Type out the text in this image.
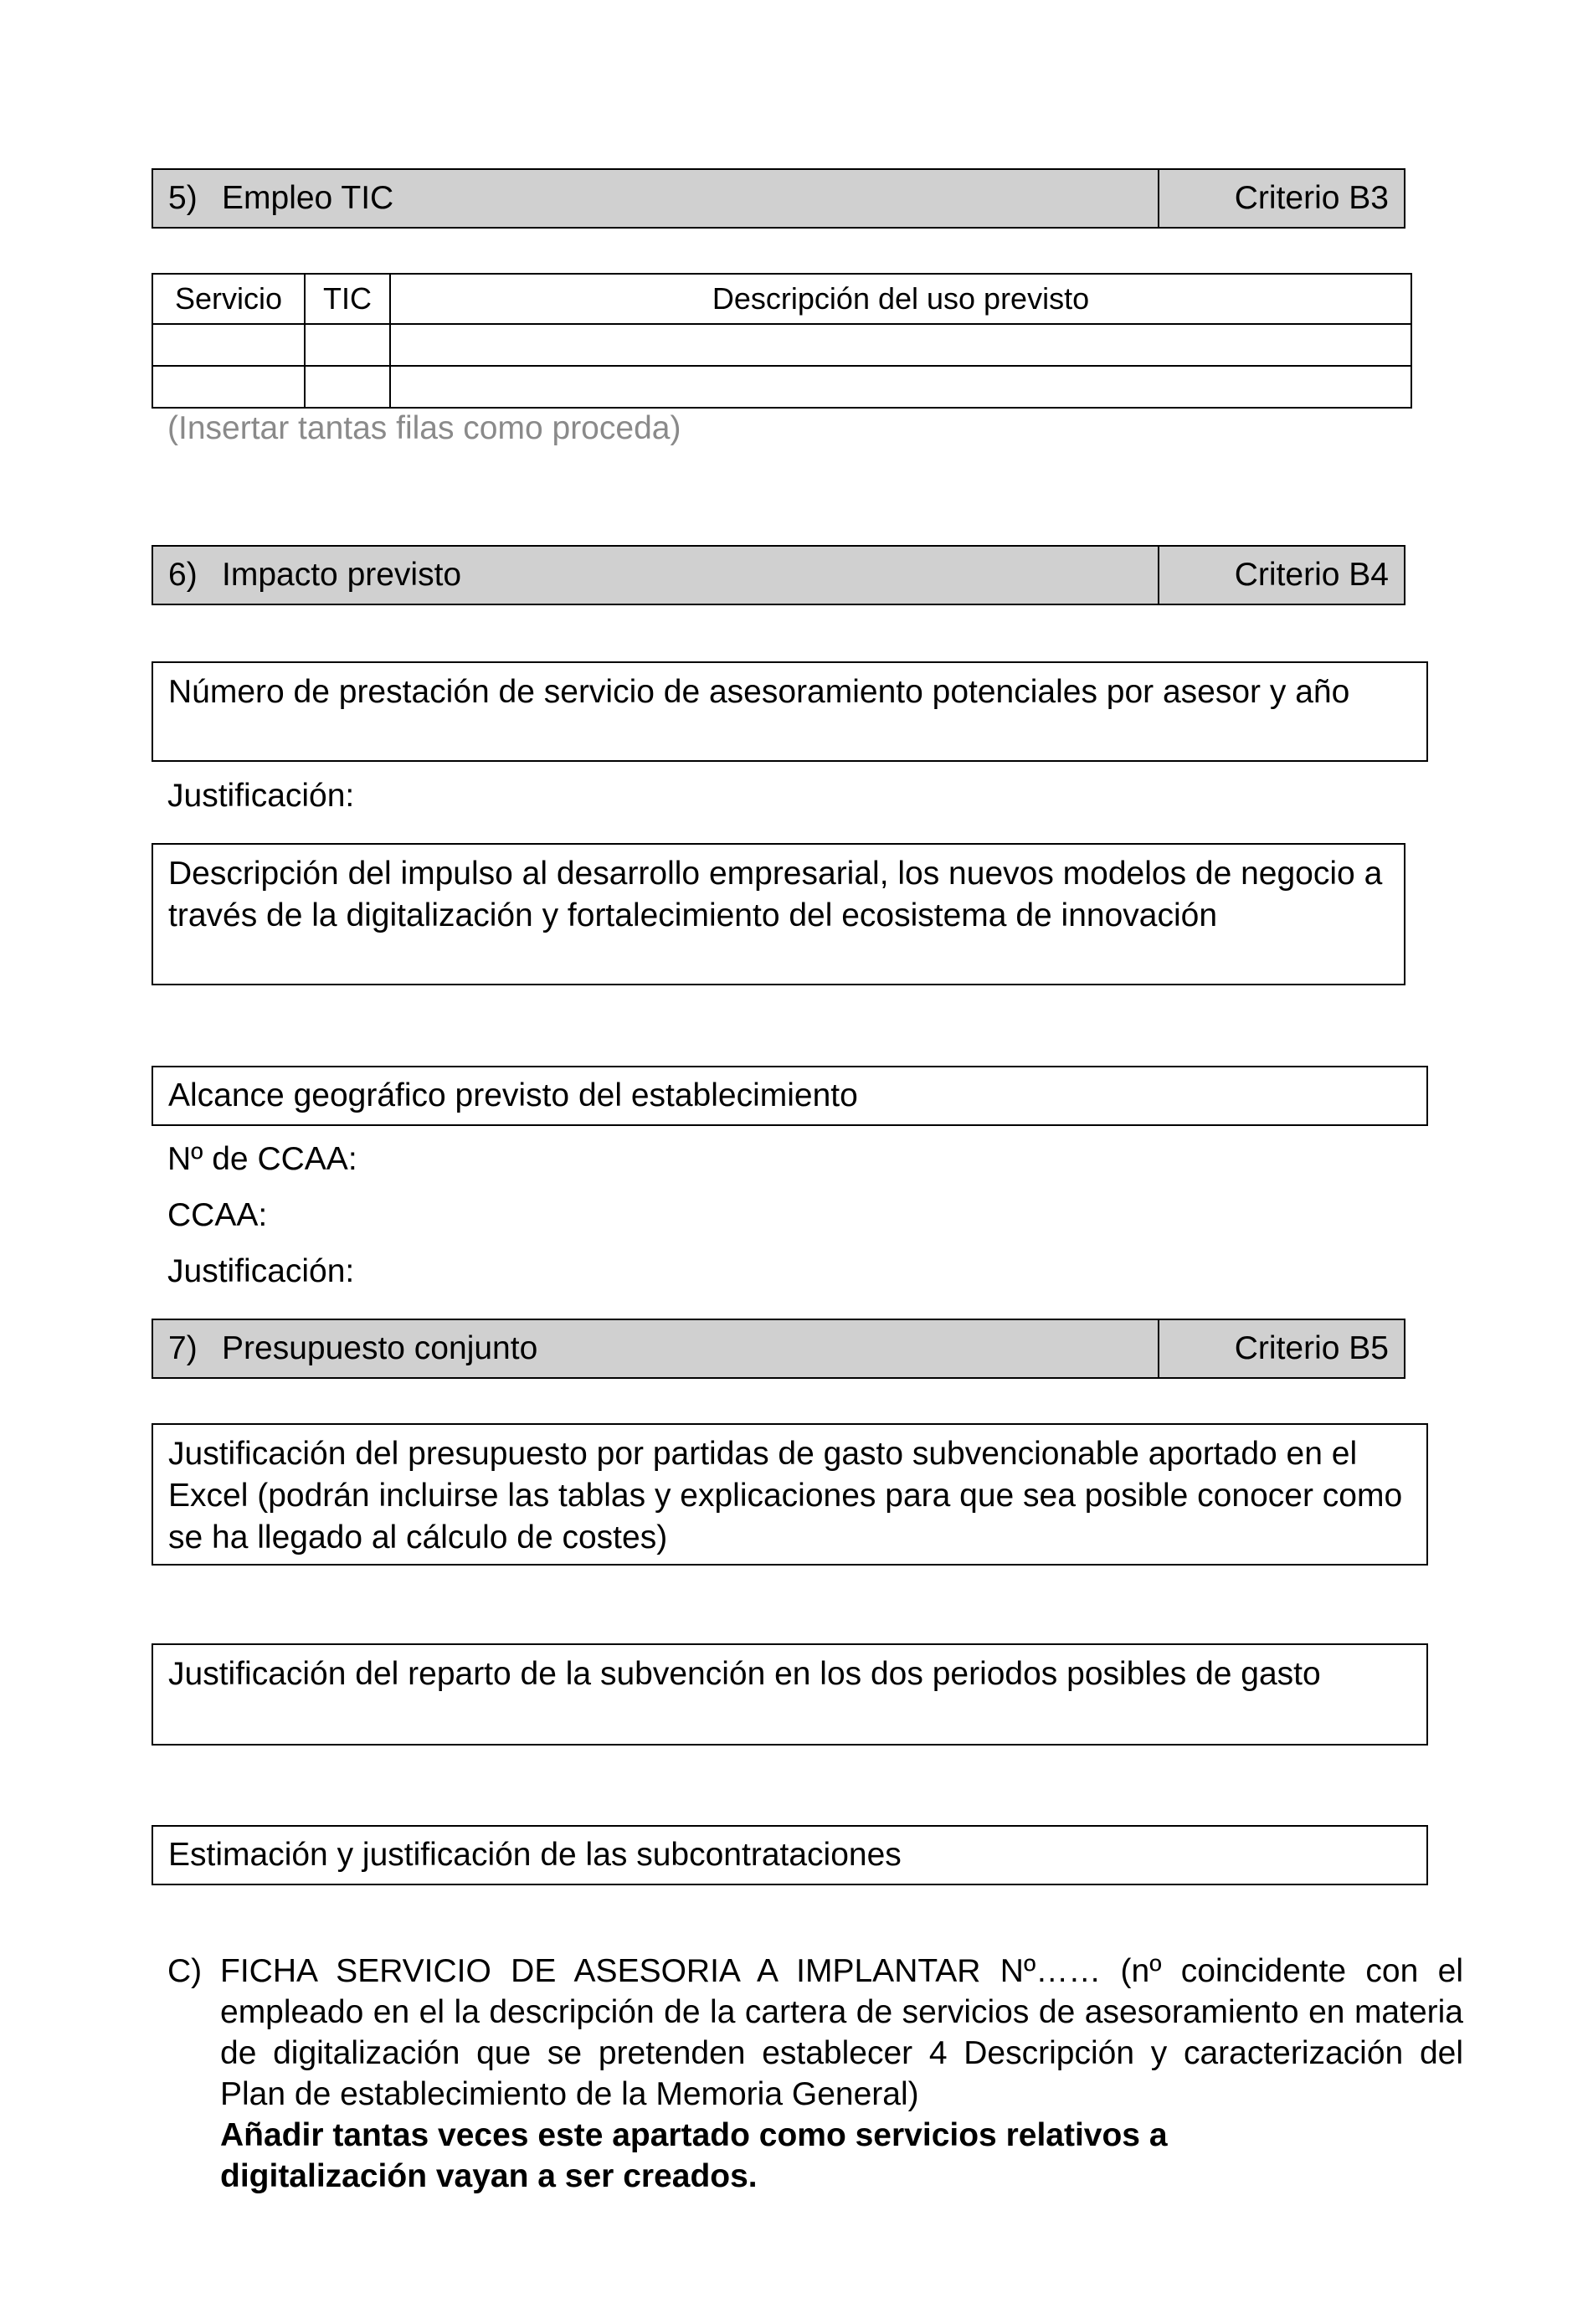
5) Empleo TIC	Criterio B3
Servicio	TIC	Descripción del uso previsto

(Insertar tantas filas como proceda)
6) Impacto previsto	Criterio B4
Número de prestación de servicio de asesoramiento potenciales por asesor y año
Justificación:
Descripción del impulso al desarrollo empresarial, los nuevos modelos de negocio a través de la digitalización y fortalecimiento del ecosistema de innovación
Alcance geográfico previsto del establecimiento
Nº de CCAA:
CCAA:
Justificación:
7) Presupuesto conjunto	Criterio B5
Justificación del presupuesto por partidas de gasto subvencionable aportado en el Excel (podrán incluirse las tablas y explicaciones para que sea posible conocer como se ha llegado al cálculo de costes)
Justificación del reparto de la subvención en los dos periodos posibles de gasto
Estimación y justificación de las subcontrataciones
C) FICHA SERVICIO DE ASESORIA A IMPLANTAR Nº…… (nº coincidente con el empleado en el la descripción de la cartera de servicios de asesoramiento en materia de digitalización que se pretenden establecer 4 Descripción y caracterización del Plan de establecimiento de la Memoria General)
Añadir tantas veces este apartado como servicios relativos a digitalización vayan a ser creados.
